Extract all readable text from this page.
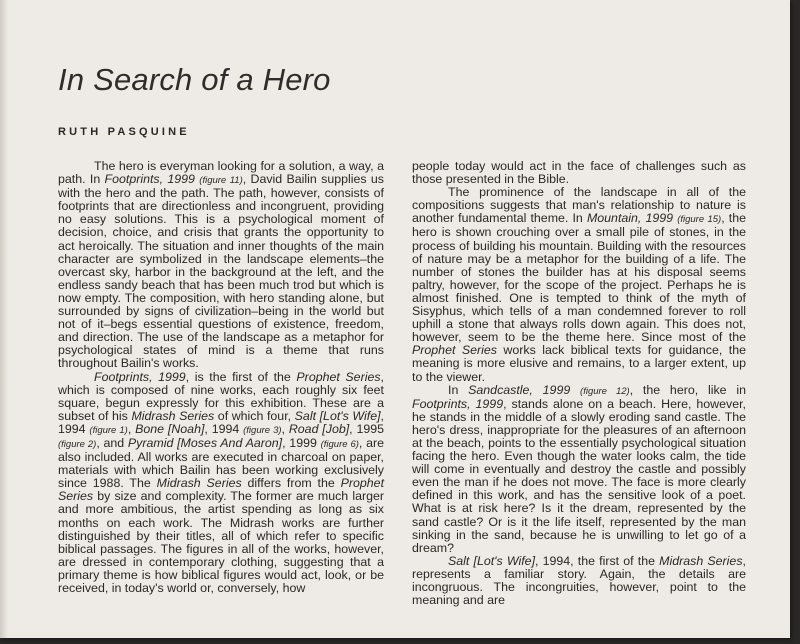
In Search of a Hero
RUTH PASQUINE

The hero is everyman looking for a solution, a way, a path. In Footprints, 1999 (figure 11), David Bailin supplies us with the hero and the path. The path, however, consists of footprints that are directionless and incongruent, providing no easy solutions. This is a psychological moment of decision, choice, and crisis that grants the opportunity to act heroically. The situation and inner thoughts of the main character are symbolized in the landscape elements–the overcast sky, harbor in the background at the left, and the endless sandy beach that has been much trod but which is now empty. The composition, with hero standing alone, but surrounded by signs of civilization–being in the world but not of it–begs essential questions of existence, freedom, and direction. The use of the landscape as a metaphor for psychological states of mind is a theme that runs throughout Bailin's works.

Footprints, 1999, is the first of the Prophet Series, which is composed of nine works, each roughly six feet square, begun expressly for this exhibition. These are a subset of his Midrash Series of which four, Salt [Lot's Wife], 1994 (figure 1), Bone [Noah], 1994 (figure 3), Road [Job], 1995 (figure 2), and Pyramid [Moses And Aaron], 1999 (figure 6), are also included. All works are executed in charcoal on paper, materials with which Bailin has been working exclusively since 1988. The Midrash Series differs from the Prophet Series by size and complexity. The former are much larger and more ambitious, the artist spending as long as six months on each work. The Midrash works are further distinguished by their titles, all of which refer to specific biblical passages. The figures in all of the works, however, are dressed in contemporary clothing, suggesting that a primary theme is how biblical figures would act, look, or be received, in today's world or, conversely, how

people today would act in the face of challenges such as those presented in the Bible.

The prominence of the landscape in all of the compositions suggests that man's relationship to nature is another fundamental theme. In Mountain, 1999 (figure 15), the hero is shown crouching over a small pile of stones, in the process of building his mountain. Building with the resources of nature may be a metaphor for the building of a life. The number of stones the builder has at his disposal seems paltry, however, for the scope of the project. Perhaps he is almost finished. One is tempted to think of the myth of Sisyphus, which tells of a man condemned forever to roll uphill a stone that always rolls down again. This does not, however, seem to be the theme here. Since most of the Prophet Series works lack biblical texts for guidance, the meaning is more elusive and remains, to a larger extent, up to the viewer.

In Sandcastle, 1999 (figure 12), the hero, like in Footprints, 1999, stands alone on a beach. Here, however, he stands in the middle of a slowly eroding sand castle. The hero's dress, inappropriate for the pleasures of an afternoon at the beach, points to the essentially psychological situation facing the hero. Even though the water looks calm, the tide will come in eventually and destroy the castle and possibly even the man if he does not move. The face is more clearly defined in this work, and has the sensitive look of a poet. What is at risk here? Is it the dream, represented by the sand castle? Or is it the life itself, represented by the man sinking in the sand, because he is unwilling to let go of a dream?

Salt [Lot's Wife], 1994, the first of the Midrash Series, represents a familiar story. Again, the details are incongruous. The incongruities, however, point to the meaning and are
